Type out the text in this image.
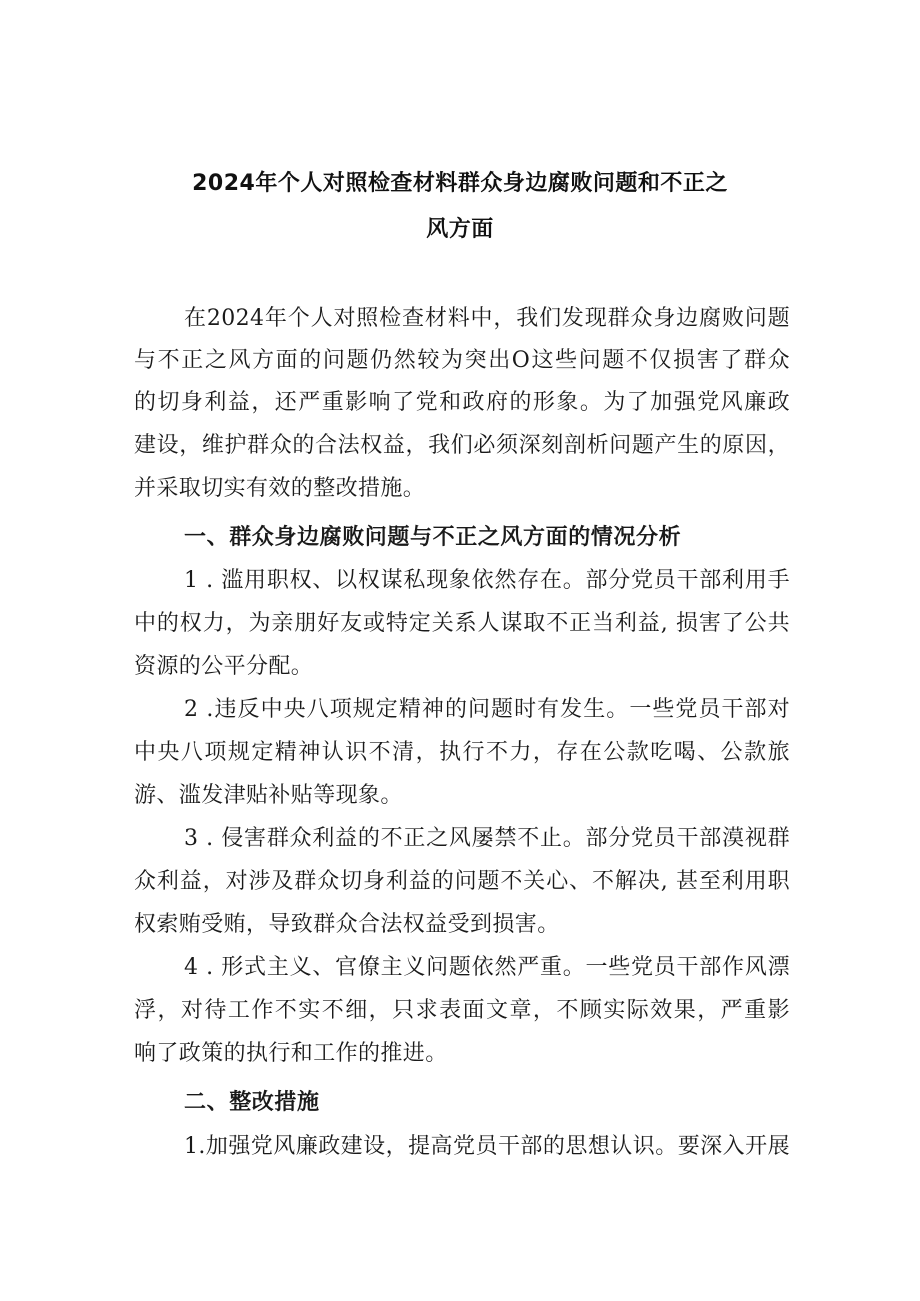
2024年个人对照检查材料群众身边腐败问题和不正之
风方面
在2024年个人对照检查材料中，我们发现群众身边腐败问题
与不正之风方面的问题仍然较为突出O这些问题不仅损害了群众
的切身利益，还严重影响了党和政府的形象。为了加强党风廉政
建设，维护群众的合法权益，我们必须深刻剖析问题产生的原因，
并采取切实有效的整改措施。
一、群众身边腐败问题与不正之风方面的情况分析
1 . 滥用职权、以权谋私现象依然存在。部分党员干部利用手
中的权力，为亲朋好友或特定关系人谋取不正当利益, 损害了公共
资源的公平分配。
2 .违反中央八项规定精神的问题时有发生。一些党员干部对
中央八项规定精神认识不清，执行不力，存在公款吃喝、公款旅
游、滥发津贴补贴等现象。
3 . 侵害群众利益的不正之风屡禁不止。部分党员干部漠视群
众利益，对涉及群众切身利益的问题不关心、不解决, 甚至利用职
权索贿受贿，导致群众合法权益受到损害。
4 . 形式主义、官僚主义问题依然严重。一些党员干部作风漂
浮，对待工作不实不细，只求表面文章，不顾实际效果，严重影
响了政策的执行和工作的推进。
二、整改措施
1.加强党风廉政建设，提高党员干部的思想认识。要深入开展
